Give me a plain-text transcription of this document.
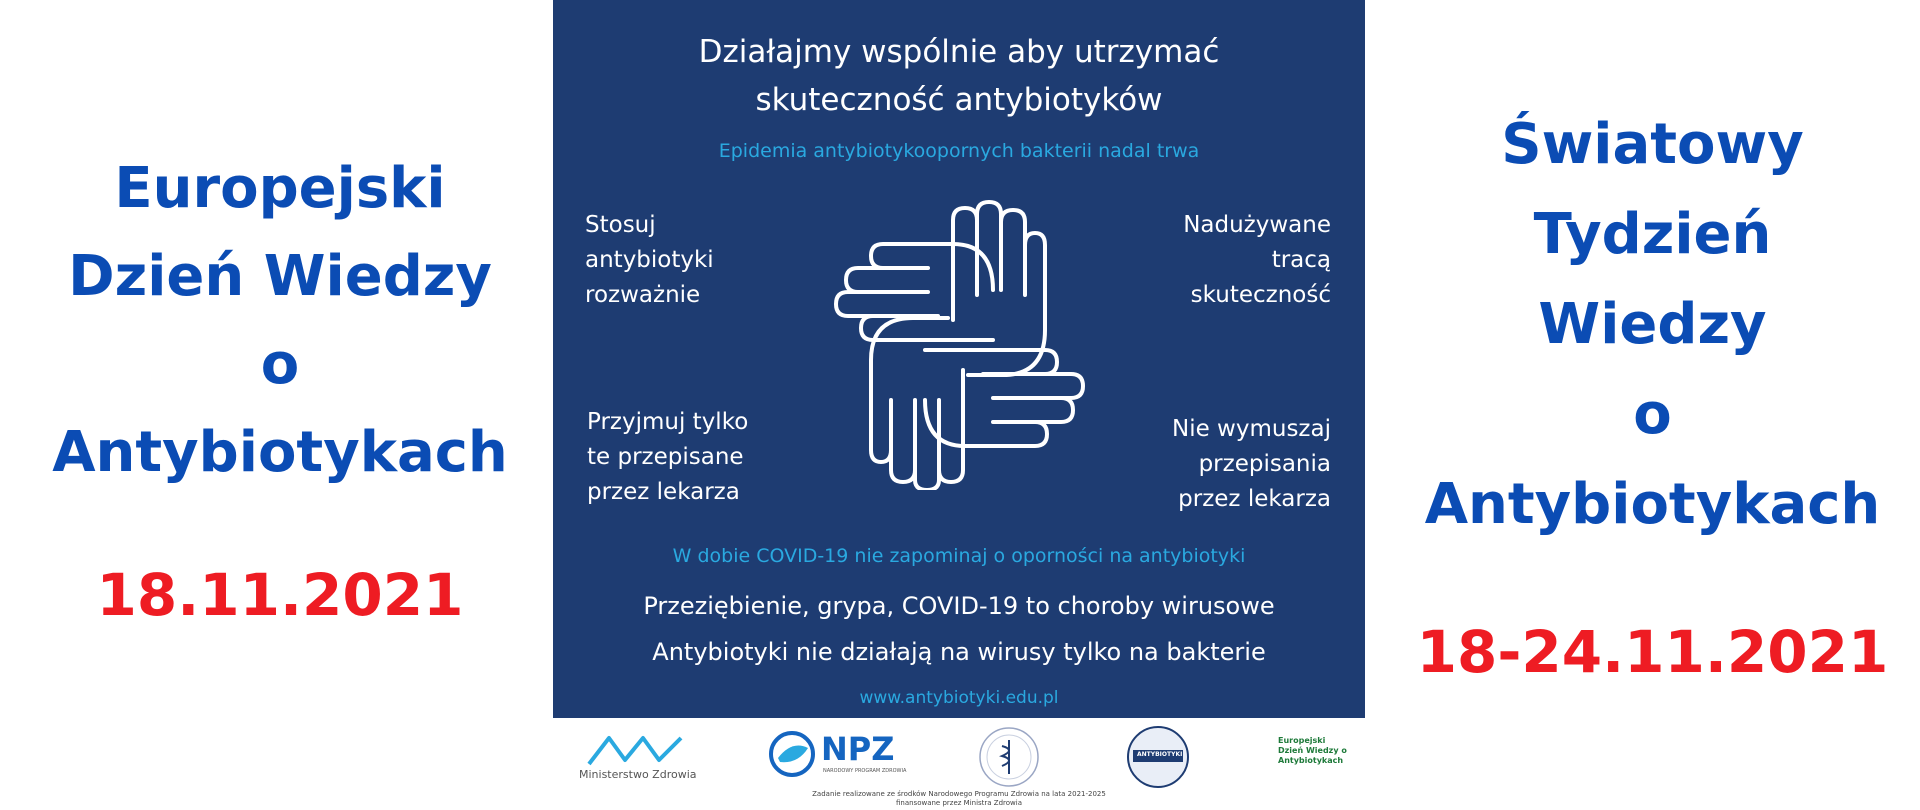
Europejski
Dzień Wiedzy
o
Antybiotykach
18.11.2021
Światowy
Tydzień
Wiedzy
o
Antybiotykach
18-24.11.2021
Działajmy wspólnie aby utrzymać
skuteczność antybiotyków
Epidemia antybiotykoopornych bakterii nadal trwa
Stosuj
antybiotyki
rozważnie
Nadużywane
tracą
skuteczność
Przyjmuj tylko
te przepisane
przez lekarza
Nie wymuszaj
przepisania
przez lekarza
W dobie COVID-19 nie zapominaj o oporności na antybiotyki
Przeziębienie, grypa, COVID-19 to choroby wirusowe
Antybiotyki nie działają na wirusy tylko na bakterie
www.antybiotyki.edu.pl
Ministerstwo Zdrowia
NPZ
NARODOWY PROGRAM ZDROWIA
ANTYBIOTYKI
Europejski
Dzień Wiedzy o
Antybiotykach
Zadanie realizowane ze środków Narodowego Programu Zdrowia na lata 2021-2025
finansowane przez Ministra Zdrowia
